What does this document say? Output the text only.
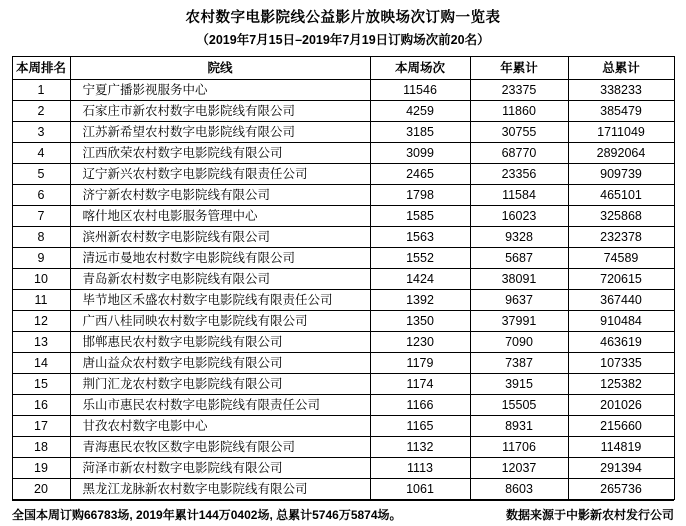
农村数字电影院线公益影片放映场次订购一览表
（2019年7月15日–2019年7月19日订购场次前20名）
本周排名	院线	本周场次	年累计	总累计
1	宁夏广播影视服务中心	11546	23375	338233
2	石家庄市新农村数字电影院线有限公司	4259	11860	385479
3	江苏新希望农村数字电影院线有限公司	3185	30755	1711049
4	江西欣荣农村数字电影院线有限公司	3099	68770	2892064
5	辽宁新兴农村数字电影院线有限责任公司	2465	23356	909739
6	济宁新农村数字电影院线有限公司	1798	11584	465101
7	喀什地区农村电影服务管理中心	1585	16023	325868
8	滨州新农村数字电影院线有限公司	1563	9328	232378
9	清远市曼地农村数字电影院线有限公司	1552	5687	74589
10	青岛新农村数字电影院线有限公司	1424	38091	720615
11	毕节地区禾盛农村数字电影院线有限责任公司	1392	9637	367440
12	广西八桂同映农村数字电影院线有限公司	1350	37991	910484
13	邯郸惠民农村数字电影院线有限公司	1230	7090	463619
14	唐山益众农村数字电影院线有限公司	1179	7387	107335
15	荆门汇龙农村数字电影院线有限公司	1174	3915	125382
16	乐山市惠民农村数字电影院线有限责任公司	1166	15505	201026
17	甘孜农村数字电影中心	1165	8931	215660
18	青海惠民农牧区数字电影院线有限公司	1132	11706	114819
19	菏泽市新农村数字电影院线有限公司	1113	12037	291394
20	黑龙江龙脉新农村数字电影院线有限公司	1061	8603	265736
全国本周订购66783场, 2019年累计144万0402场, 总累计5746万5874场。	数据来源于中影新农村发行公司
